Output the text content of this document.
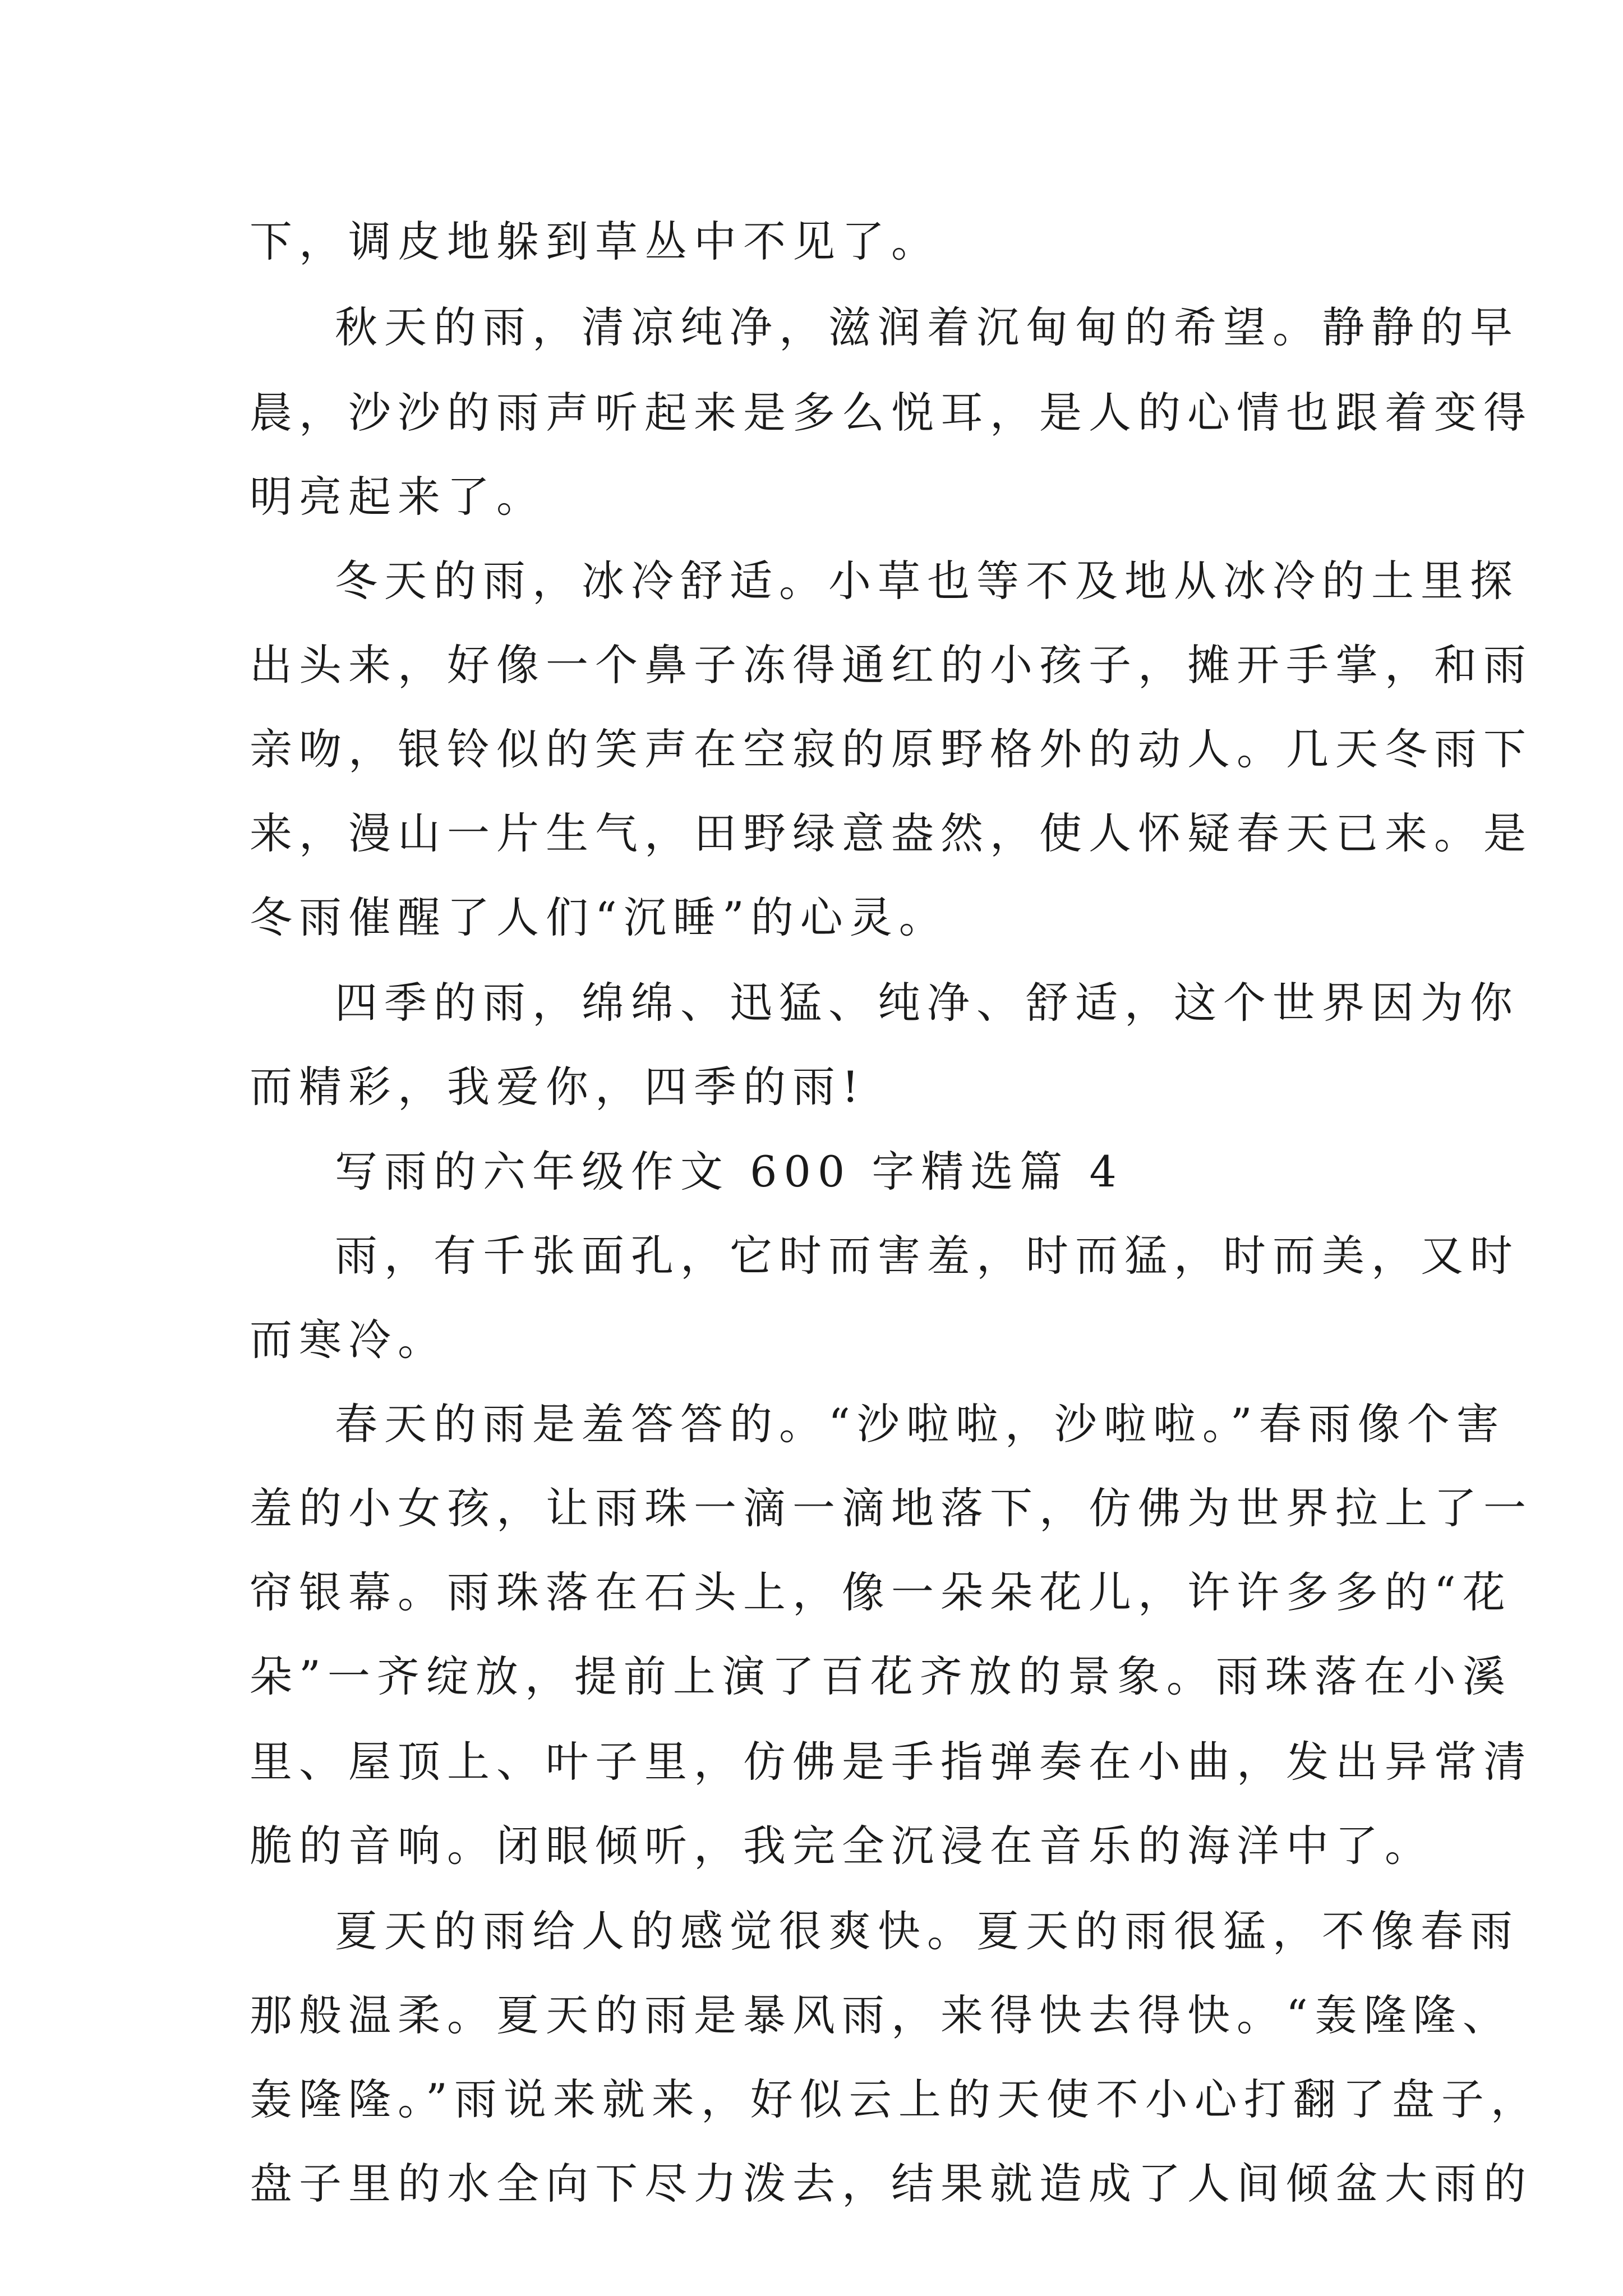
下，调皮地躲到草丛中不见了。

秋天的雨，清凉纯净，滋润着沉甸甸的希望。静静的早

晨，沙沙的雨声听起来是多么悦耳，是人的心情也跟着变得

明亮起来了。

冬天的雨，冰冷舒适。小草也等不及地从冰冷的土里探

出头来，好像一个鼻子冻得通红的小孩子，摊开手掌，和雨

亲吻，银铃似的笑声在空寂的原野格外的动人。几天冬雨下

来，漫山一片生气，田野绿意盎然，使人怀疑春天已来。是

冬雨催醒了人们“沉睡”的心灵。

四季的雨，绵绵、迅猛、纯净、舒适，这个世界因为你

而精彩，我爱你，四季的雨!

写雨的六年级作文 600 字精选篇 4

雨，有千张面孔，它时而害羞，时而猛，时而美，又时

而寒冷。

春天的雨是羞答答的。“沙啦啦，沙啦啦。”春雨像个害

羞的小女孩，让雨珠一滴一滴地落下，仿佛为世界拉上了一

帘银幕。雨珠落在石头上，像一朵朵花儿，许许多多的“花

朵”一齐绽放，提前上演了百花齐放的景象。雨珠落在小溪

里、屋顶上、叶子里，仿佛是手指弹奏在小曲，发出异常清

脆的音响。闭眼倾听，我完全沉浸在音乐的海洋中了。

夏天的雨给人的感觉很爽快。夏天的雨很猛，不像春雨

那般温柔。夏天的雨是暴风雨，来得快去得快。“轰隆隆、

轰隆隆。”雨说来就来，好似云上的天使不小心打翻了盘子，

盘子里的水全向下尽力泼去，结果就造成了人间倾盆大雨的
